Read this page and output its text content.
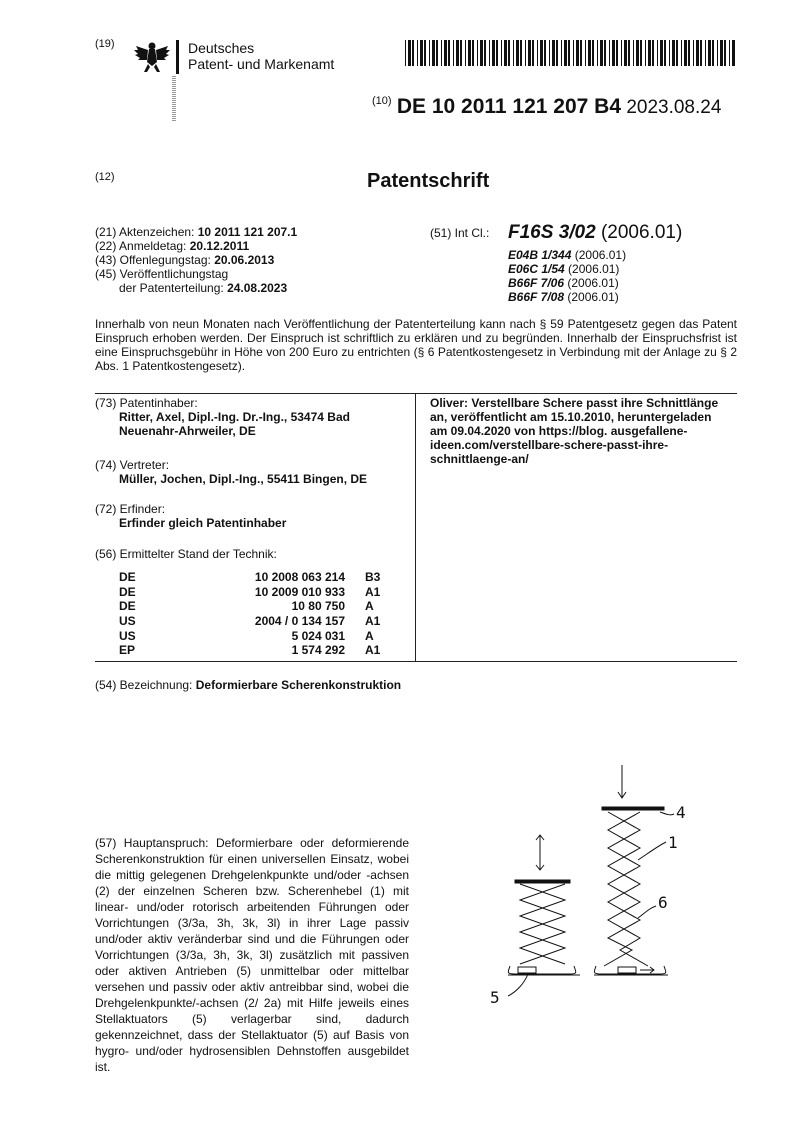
(19)	Deutsches
Patent- und Markenamt
$^{(10)}$ DE 10 2011 121 207 B4 2023.08.24
(12)	Patentschrift
(21) Aktenzeichen: 10 2011 121 207.1
(22) Anmeldetag: 20.12.2011
(43) Offenlegungstag: 20.06.2013
(45) Veröffentlichungstag
der Patenterteilung: 24.08.2023
(51) Int Cl.: F16S 3/02 (2006.01)
E04B 1/344 (2006.01)
E06C 1/54 (2006.01)
B66F 7/06 (2006.01)
B66F 7/08 (2006.01)
Innerhalb von neun Monaten nach Veröffentlichung der Patenterteilung kann nach § 59 Patentgesetz gegen das Patent Einspruch erhoben werden. Der Einspruch ist schriftlich zu erklären und zu begründen. Innerhalb der Einspruchsfrist ist eine Einspruchsgebühr in Höhe von 200 Euro zu entrichten (§ 6 Patentkostengesetz in Verbindung mit der Anlage zu § 2 Abs. 1 Patentkostengesetz).
(73) Patentinhaber:
Ritter, Axel, Dipl.-Ing. Dr.-Ing., 53474 Bad
Neuenahr-Ahrweiler, DE
(74) Vertreter:
Müller, Jochen, Dipl.-Ing., 55411 Bingen, DE
(72) Erfinder:
Erfinder gleich Patentinhaber
(56) Ermittelter Stand der Technik:
DE	10 2008 063 214	B3
DE	10 2009 010 933	A1
DE	10 80 750	A
US	2004 / 0 134 157	A1
US	5 024 031	A
EP	1 574 292	A1
Oliver: Verstellbare Schere passt ihre Schnittlänge an, veröffentlicht am 15.10.2010, heruntergeladen am 09.04.2020 von https://blog. ausgefallene-ideen.com/verstellbare-schere-passt-ihre-schnittlaenge-an/
(54) Bezeichnung: Deformierbare Scherenkonstruktion
(57) Hauptanspruch: Deformierbare oder deformierende Scherenkonstruktion für einen universellen Einsatz, wobei die mittig gelegenen Drehgelenkpunkte und/oder -achsen (2) der einzelnen Scheren bzw. Scherenhebel (1) mit linear- und/oder rotorisch arbeitenden Führungen oder Vorrichtungen (3/3a, 3h, 3k, 3l) in ihrer Lage passiv und/oder aktiv veränderbar sind und die Führungen oder Vorrichtungen (3/3a, 3h, 3k, 3l) zusätzlich mit passiven oder aktiven Antrieben (5) unmittelbar oder mittelbar versehen und passiv oder aktiv antreibbar sind, wobei die Drehgelenkpunkte/-achsen (2/ 2a) mit Hilfe jeweils eines Stellaktuators (5) verlagerbar sind, dadurch gekennzeichnet, dass der Stellaktuator (5) auf Basis von hygro- und/oder hydrosensiblen Dehnstoffen ausgebildet ist.
4
1
6
5
